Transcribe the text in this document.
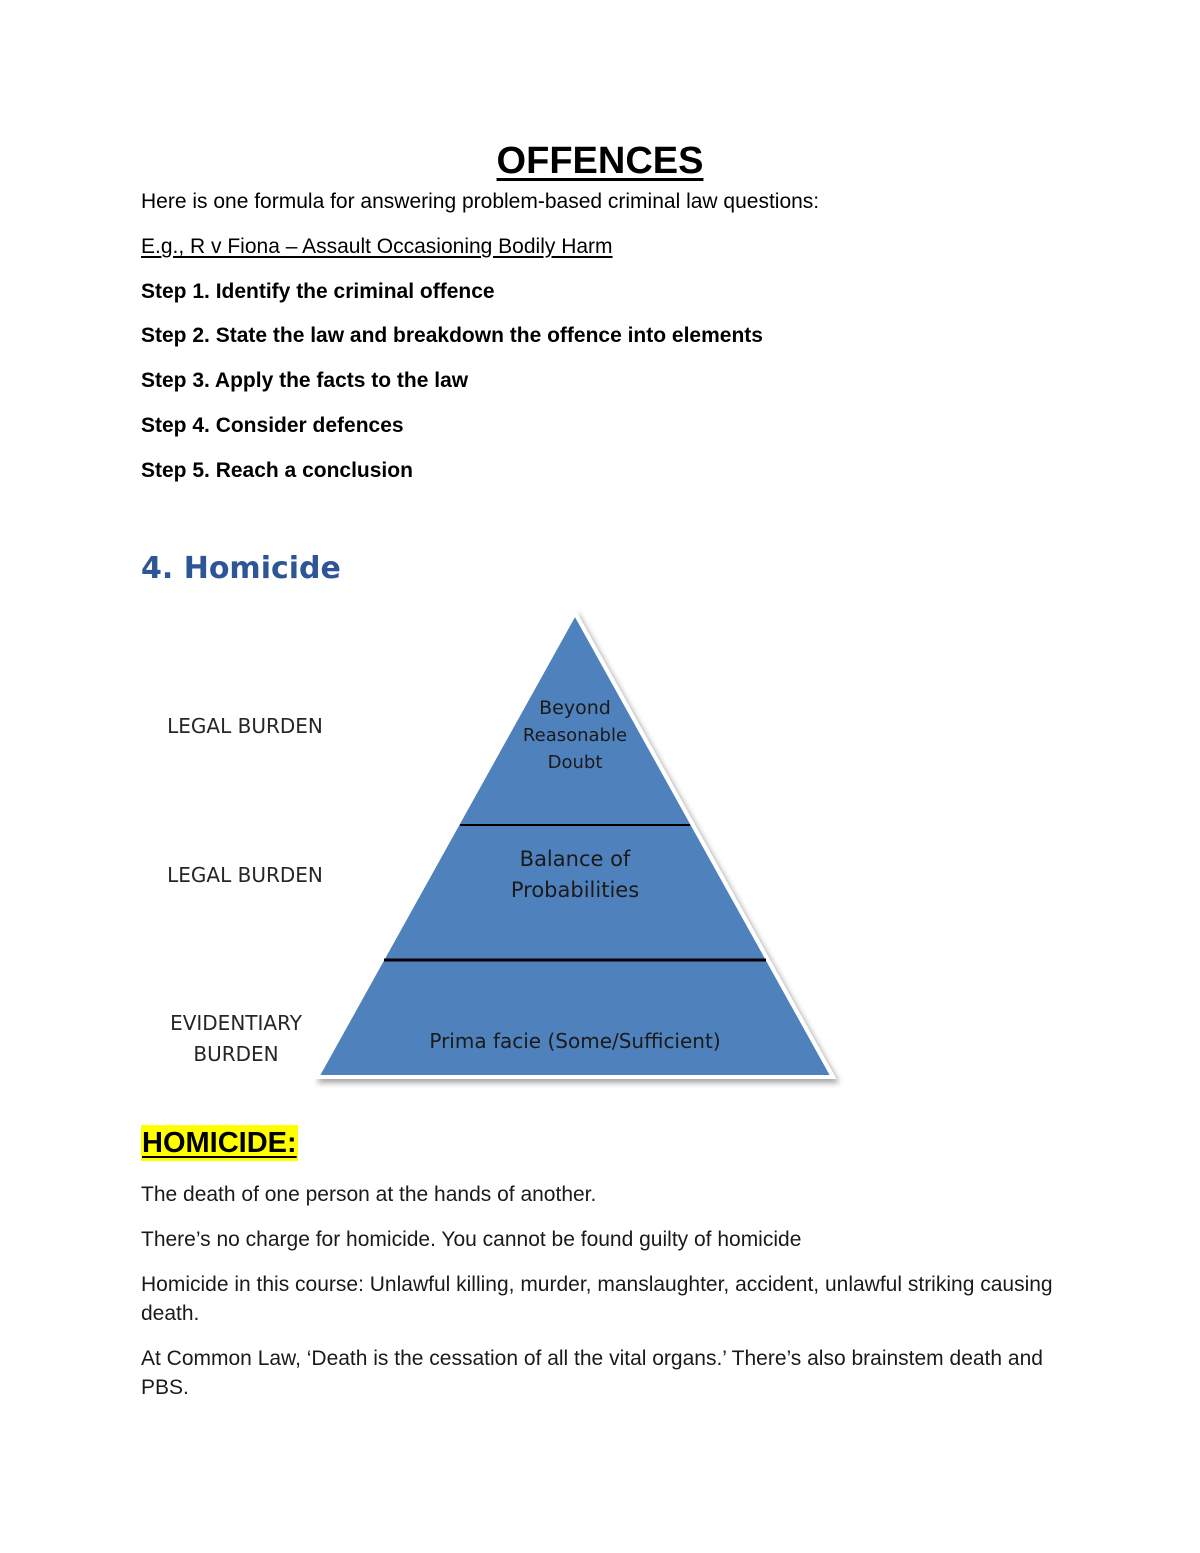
OFFENCES
Here is one formula for answering problem-based criminal law questions:
E.g., R v Fiona – Assault Occasioning Bodily Harm
Step 1. Identify the criminal offence
Step 2. State the law and breakdown the offence into elements
Step 3. Apply the facts to the law
Step 4. Consider defences
Step 5. Reach a conclusion
4. Homicide
Beyond
Reasonable
Doubt
Balance of
Probabilities
Prima facie (Some/Sufficient)
LEGAL BURDEN
LEGAL BURDEN
EVIDENTIARY
BURDEN
HOMICIDE:
The death of one person at the hands of another.
There’s no charge for homicide. You cannot be found guilty of homicide
Homicide in this course: Unlawful killing, murder, manslaughter, accident, unlawful striking causing death.
At Common Law, ‘Death is the cessation of all the vital organs.’ There’s also brainstem death and PBS.
